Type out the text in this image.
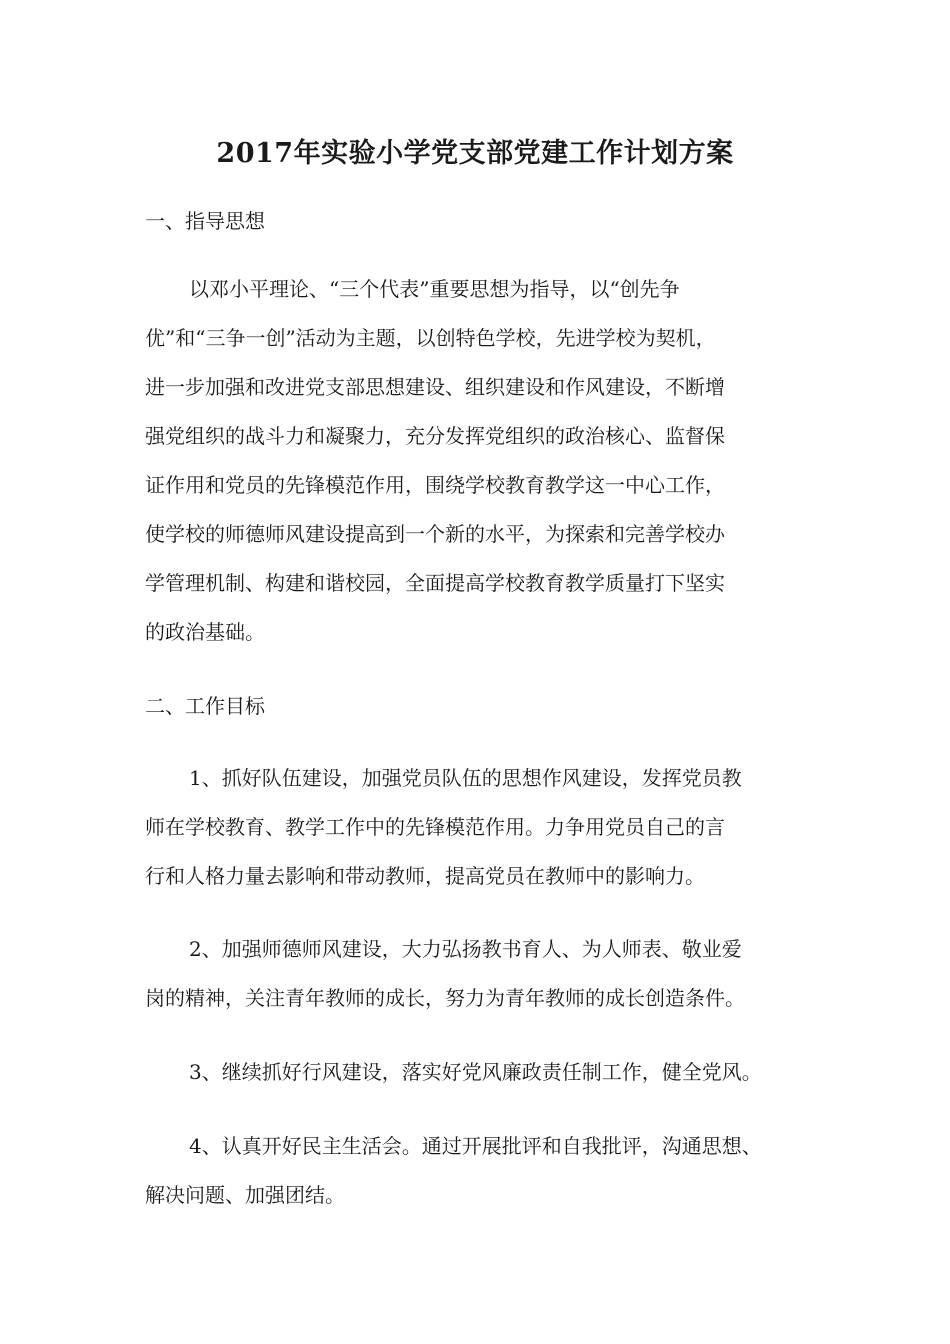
2017年实验小学党支部党建工作计划方案
一、指导思想
以邓小平理论、“三个代表”重要思想为指导，以“创先争
优”和“三争一创”活动为主题，以创特色学校，先进学校为契机，
进一步加强和改进党支部思想建设、组织建设和作风建设，不断增
强党组织的战斗力和凝聚力，充分发挥党组织的政治核心、监督保
证作用和党员的先锋模范作用，围绕学校教育教学这一中心工作，
使学校的师德师风建设提高到一个新的水平，为探索和完善学校办
学管理机制、构建和谐校园，全面提高学校教育教学质量打下坚实
的政治基础。
二、工作目标
1、抓好队伍建设，加强党员队伍的思想作风建设，发挥党员教
师在学校教育、教学工作中的先锋模范作用。力争用党员自己的言
行和人格力量去影响和带动教师，提高党员在教师中的影响力。
2、加强师德师风建设，大力弘扬教书育人、为人师表、敬业爱
岗的精神，关注青年教师的成长，努力为青年教师的成长创造条件。
3、继续抓好行风建设，落实好党风廉政责任制工作，健全党风。
4、认真开好民主生活会。通过开展批评和自我批评，沟通思想、
解决问题、加强团结。
